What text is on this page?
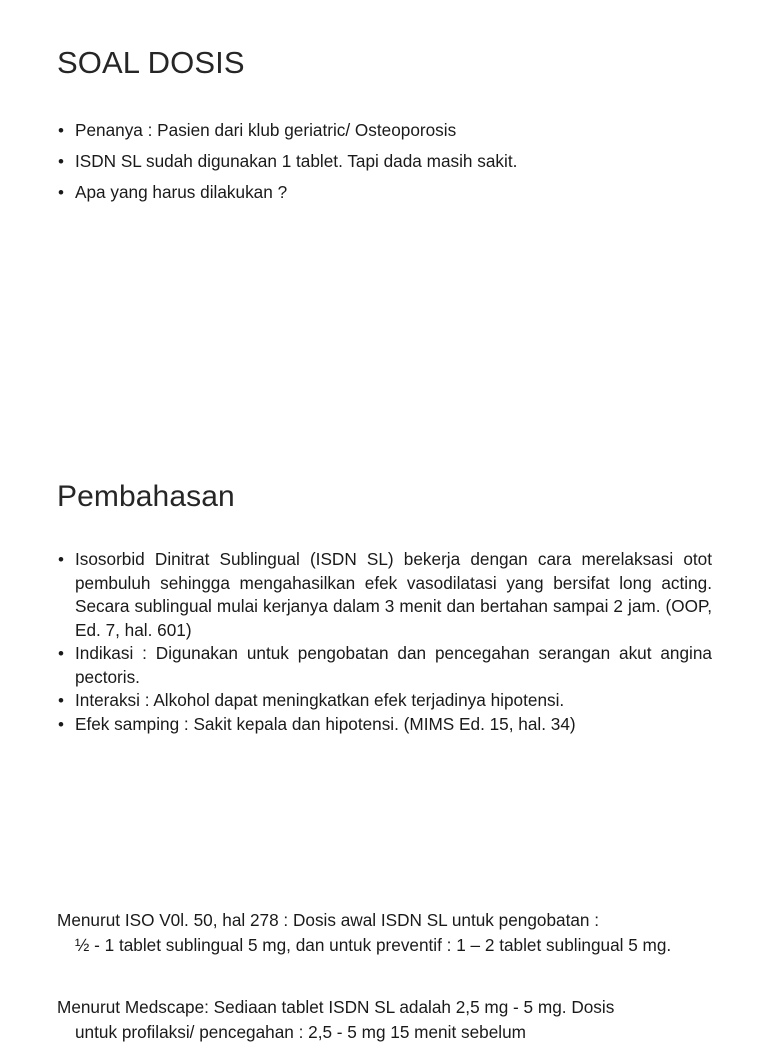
SOAL DOSIS
• Penanya : Pasien dari klub geriatric/ Osteoporosis
• ISDN SL sudah digunakan 1 tablet. Tapi dada masih sakit.
• Apa yang harus dilakukan ?
Pembahasan
• Isosorbid Dinitrat Sublingual (ISDN SL) bekerja dengan cara merelaksasi otot pembuluh sehingga mengahasilkan efek vasodilatasi yang bersifat long acting. Secara sublingual mulai kerjanya dalam 3 menit dan bertahan sampai 2 jam. (OOP, Ed. 7, hal. 601)
• Indikasi : Digunakan untuk pengobatan dan pencegahan serangan akut angina pectoris.
• Interaksi : Alkohol dapat meningkatkan efek terjadinya hipotensi.
• Efek samping : Sakit kepala dan hipotensi. (MIMS Ed. 15, hal. 34)
Menurut ISO V0l. 50, hal 278 : Dosis awal ISDN SL untuk pengobatan :
½ - 1 tablet sublingual 5 mg, dan untuk preventif : 1 – 2 tablet sublingual 5 mg.
Menurut Medscape: Sediaan tablet ISDN SL adalah 2,5 mg - 5 mg. Dosis
untuk profilaksi/ pencegahan : 2,5 - 5 mg 15 menit sebelum
